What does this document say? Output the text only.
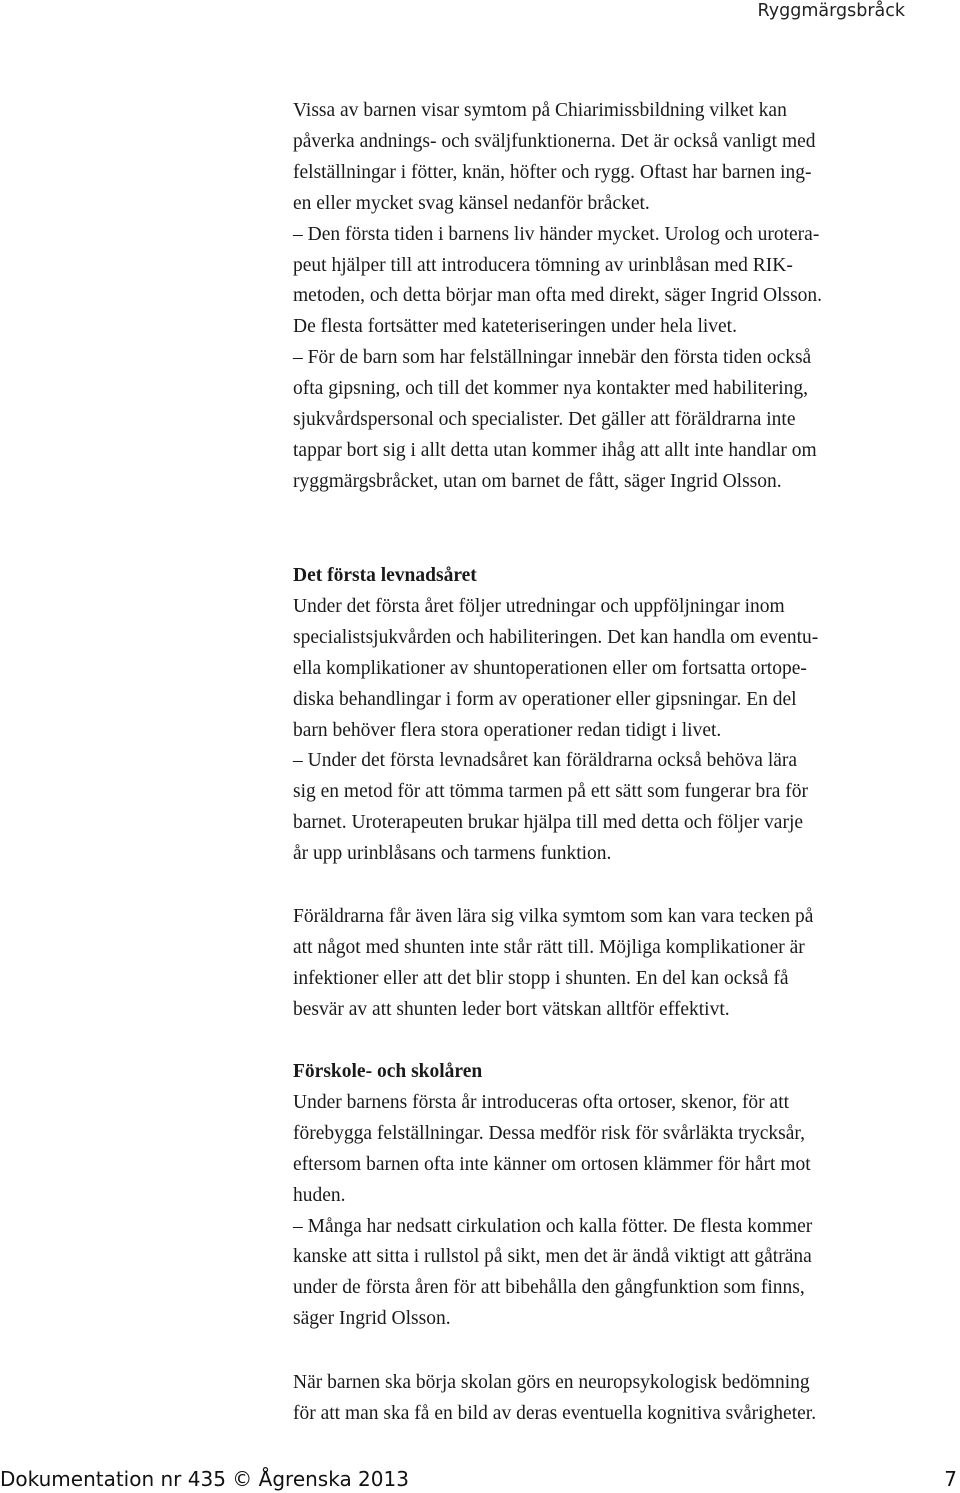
Ryggmärgsbråck
Vissa av barnen visar symtom på Chiarimissbildning vilket kan
påverka andnings- och sväljfunktionerna. Det är också vanligt med
felställningar i fötter, knän, höfter och rygg. Oftast har barnen ing-
en eller mycket svag känsel nedanför bråcket.
– Den första tiden i barnens liv händer mycket. Urolog och urotera-
peut hjälper till att introducera tömning av urinblåsan med RIK-
metoden, och detta börjar man ofta med direkt, säger Ingrid Olsson.
De flesta fortsätter med kateteriseringen under hela livet.
– För de barn som har felställningar innebär den första tiden också
ofta gipsning, och till det kommer nya kontakter med habilitering,
sjukvårdspersonal och specialister. Det gäller att föräldrarna inte
tappar bort sig i allt detta utan kommer ihåg att allt inte handlar om
ryggmärgsbråcket, utan om barnet de fått, säger Ingrid Olsson.
Det första levnadsåret
Under det första året följer utredningar och uppföljningar inom
specialistsjukvården och habiliteringen. Det kan handla om eventu-
ella komplikationer av shuntoperationen eller om fortsatta ortope-
diska behandlingar i form av operationer eller gipsningar. En del
barn behöver flera stora operationer redan tidigt i livet.
– Under det första levnadsåret kan föräldrarna också behöva lära
sig en metod för att tömma tarmen på ett sätt som fungerar bra för
barnet. Uroterapeuten brukar hjälpa till med detta och följer varje
år upp urinblåsans och tarmens funktion.
Föräldrarna får även lära sig vilka symtom som kan vara tecken på
att något med shunten inte står rätt till. Möjliga komplikationer är
infektioner eller att det blir stopp i shunten. En del kan också få
besvär av att shunten leder bort vätskan alltför effektivt.
Förskole- och skolåren
Under barnens första år introduceras ofta ortoser, skenor, för att
förebygga felställningar. Dessa medför risk för svårläkta trycksår,
eftersom barnen ofta inte känner om ortosen klämmer för hårt mot
huden.
– Många har nedsatt cirkulation och kalla fötter. De flesta kommer
kanske att sitta i rullstol på sikt, men det är ändå viktigt att gåträna
under de första åren för att bibehålla den gångfunktion som finns,
säger Ingrid Olsson.
När barnen ska börja skolan görs en neuropsykologisk bedömning
för att man ska få en bild av deras eventuella kognitiva svårigheter.
Dokumentation nr 435 © Ågrenska 2013	7
